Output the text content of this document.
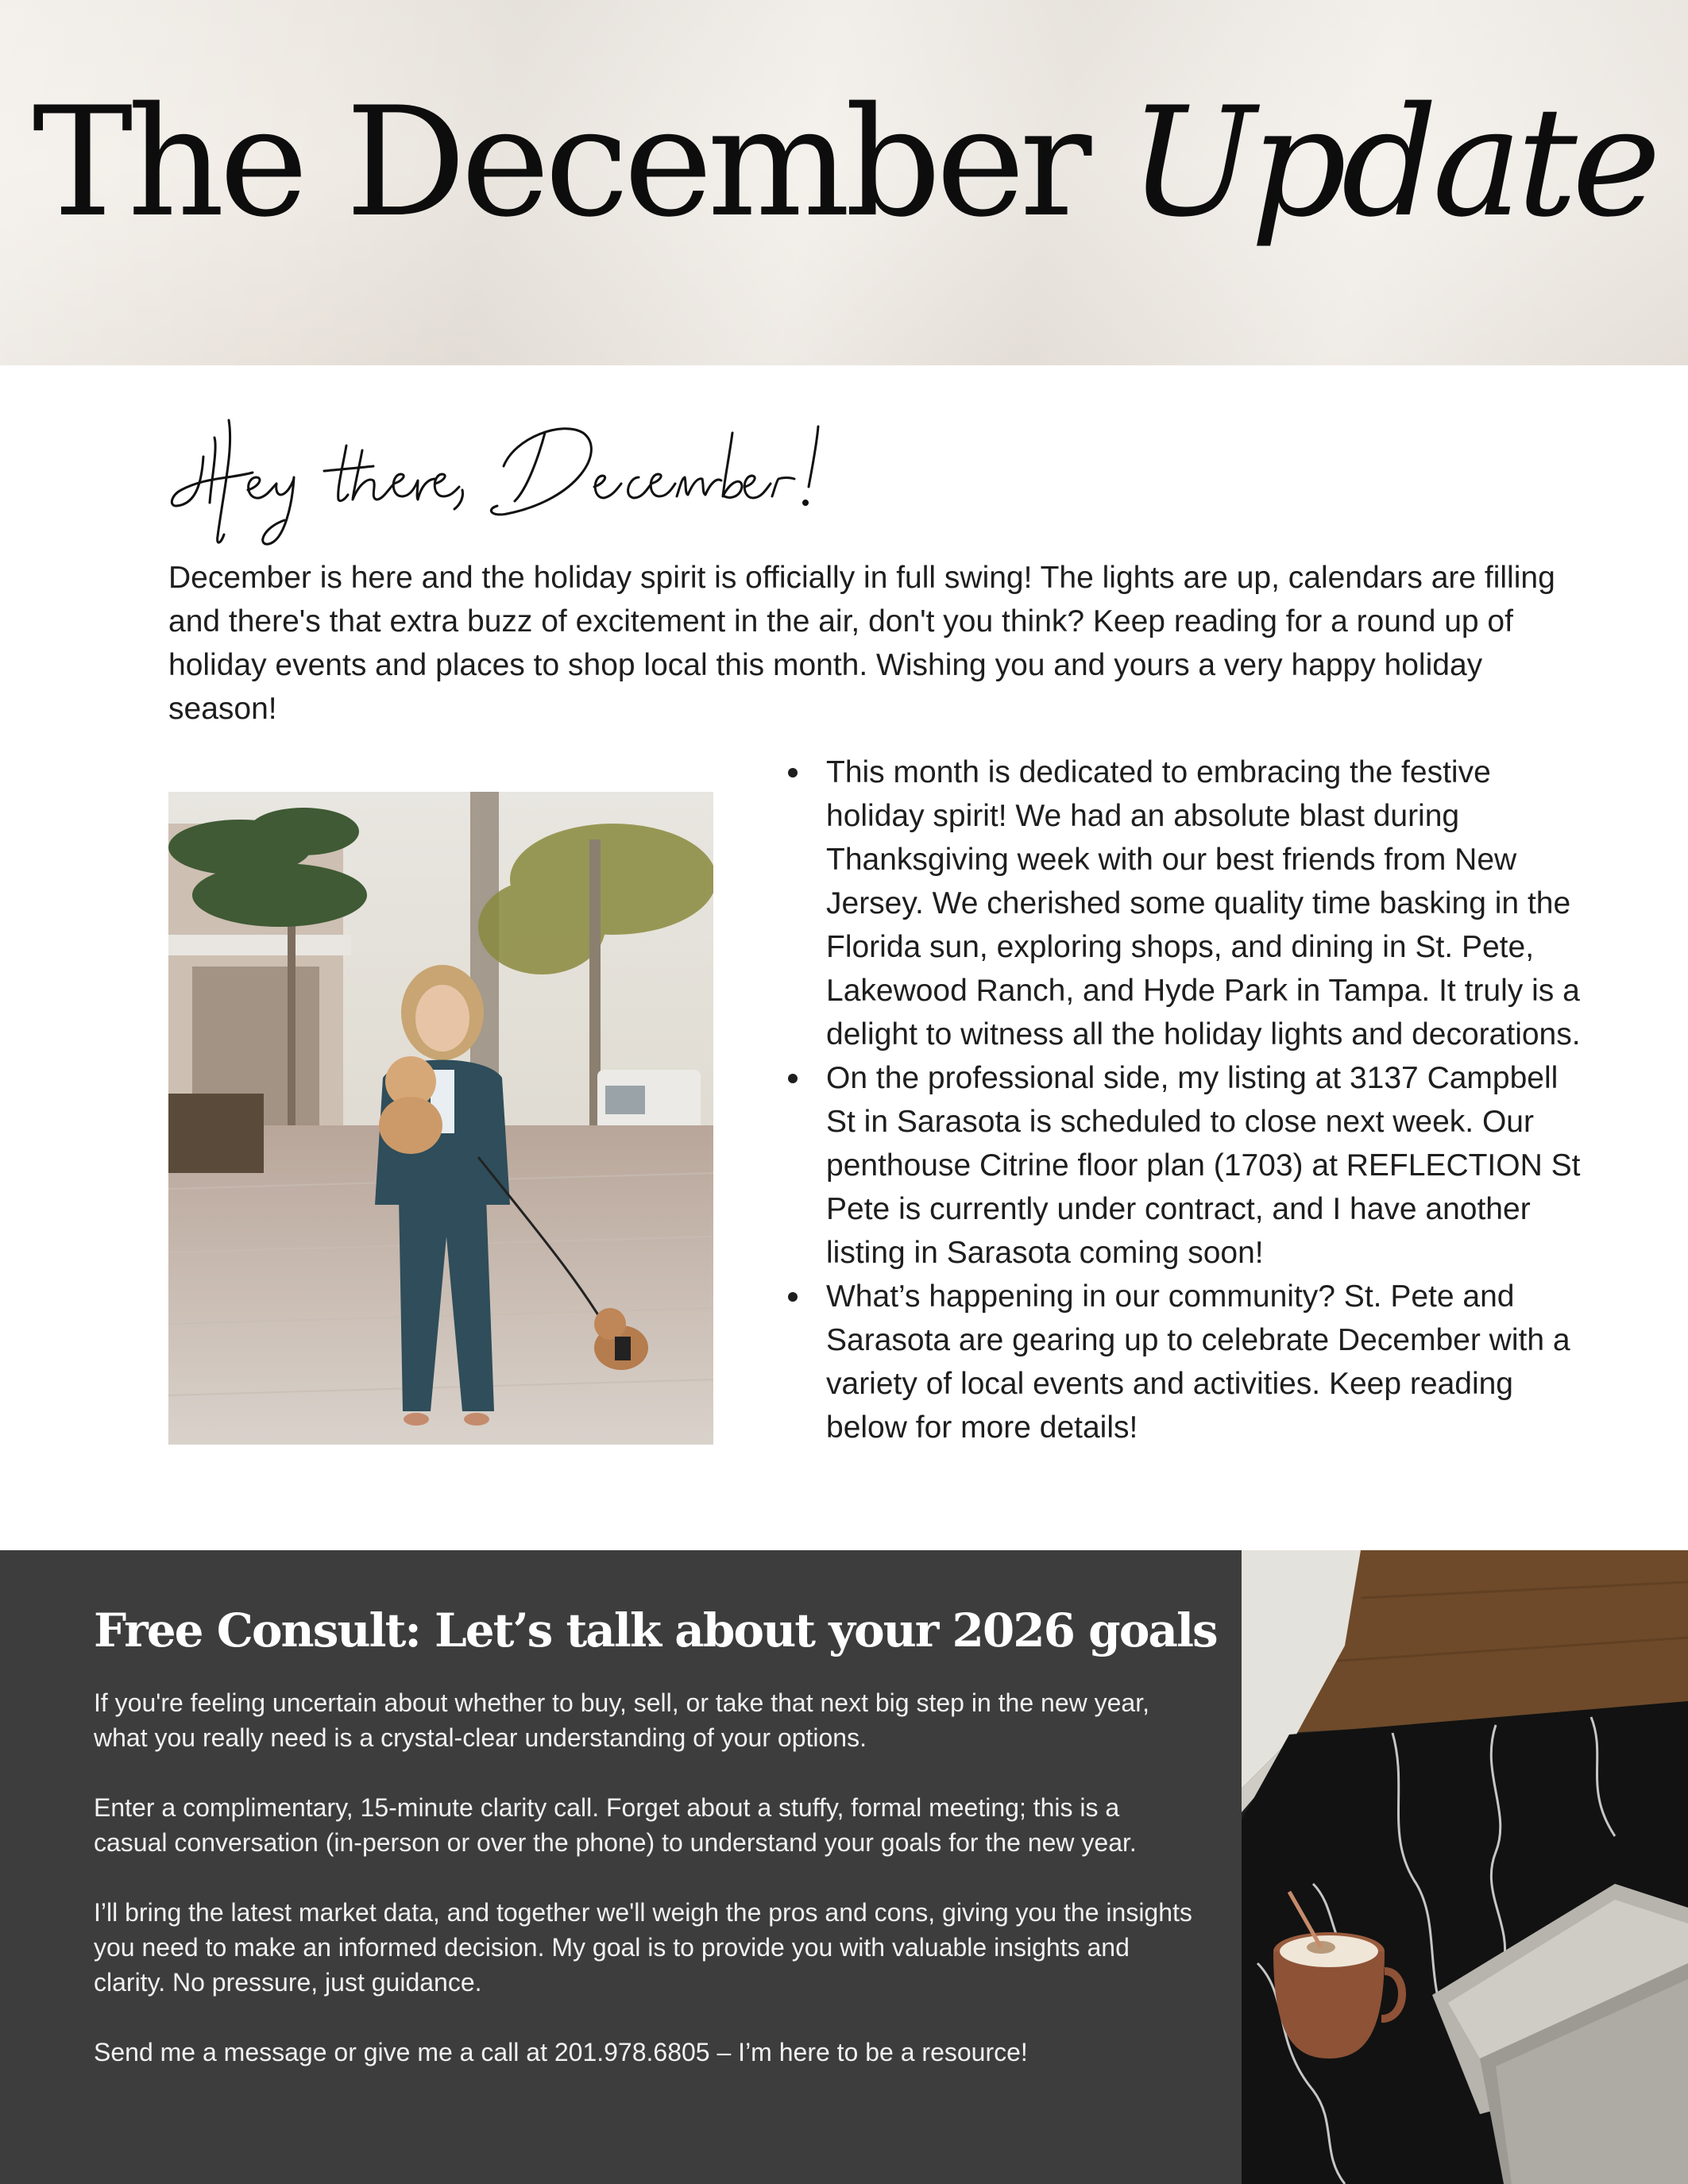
The December Update

December is here and the holiday spirit is officially in full swing! The lights are up, calendars are filling and there's that extra buzz of excitement in the air, don't you think? Keep reading for a round up of holiday events and places to shop local this month. Wishing you and yours a very happy holiday season!

This month is dedicated to embracing the festive holiday spirit! We had an absolute blast during Thanksgiving week with our best friends from New Jersey. We cherished some quality time basking in the Florida sun, exploring shops, and dining in St. Pete, Lakewood Ranch, and Hyde Park in Tampa. It truly is a delight to witness all the holiday lights and decorations.
On the professional side, my listing at 3137 Campbell St in Sarasota is scheduled to close next week. Our penthouse Citrine floor plan (1703) at REFLECTION St Pete is currently under contract, and I have another listing in Sarasota coming soon!
What’s happening in our community? St. Pete and Sarasota are gearing up to celebrate December with a variety of local events and activities. Keep reading below for more details!
Free Consult: Let’s talk about your 2026 goals

If you're feeling uncertain about whether to buy, sell, or take that next big step in the new year, what you really need is a crystal-clear understanding of your options.

Enter a complimentary, 15-minute clarity call. Forget about a stuffy, formal meeting; this is a casual conversation (in-person or over the phone) to understand your goals for the new year.

I’ll bring the latest market data, and together we'll weigh the pros and cons, giving you the insights you need to make an informed decision. My goal is to provide you with valuable insights and clarity. No pressure, just guidance.

Send me a message or give me a call at 201.978.6805 – I’m here to be a resource!
